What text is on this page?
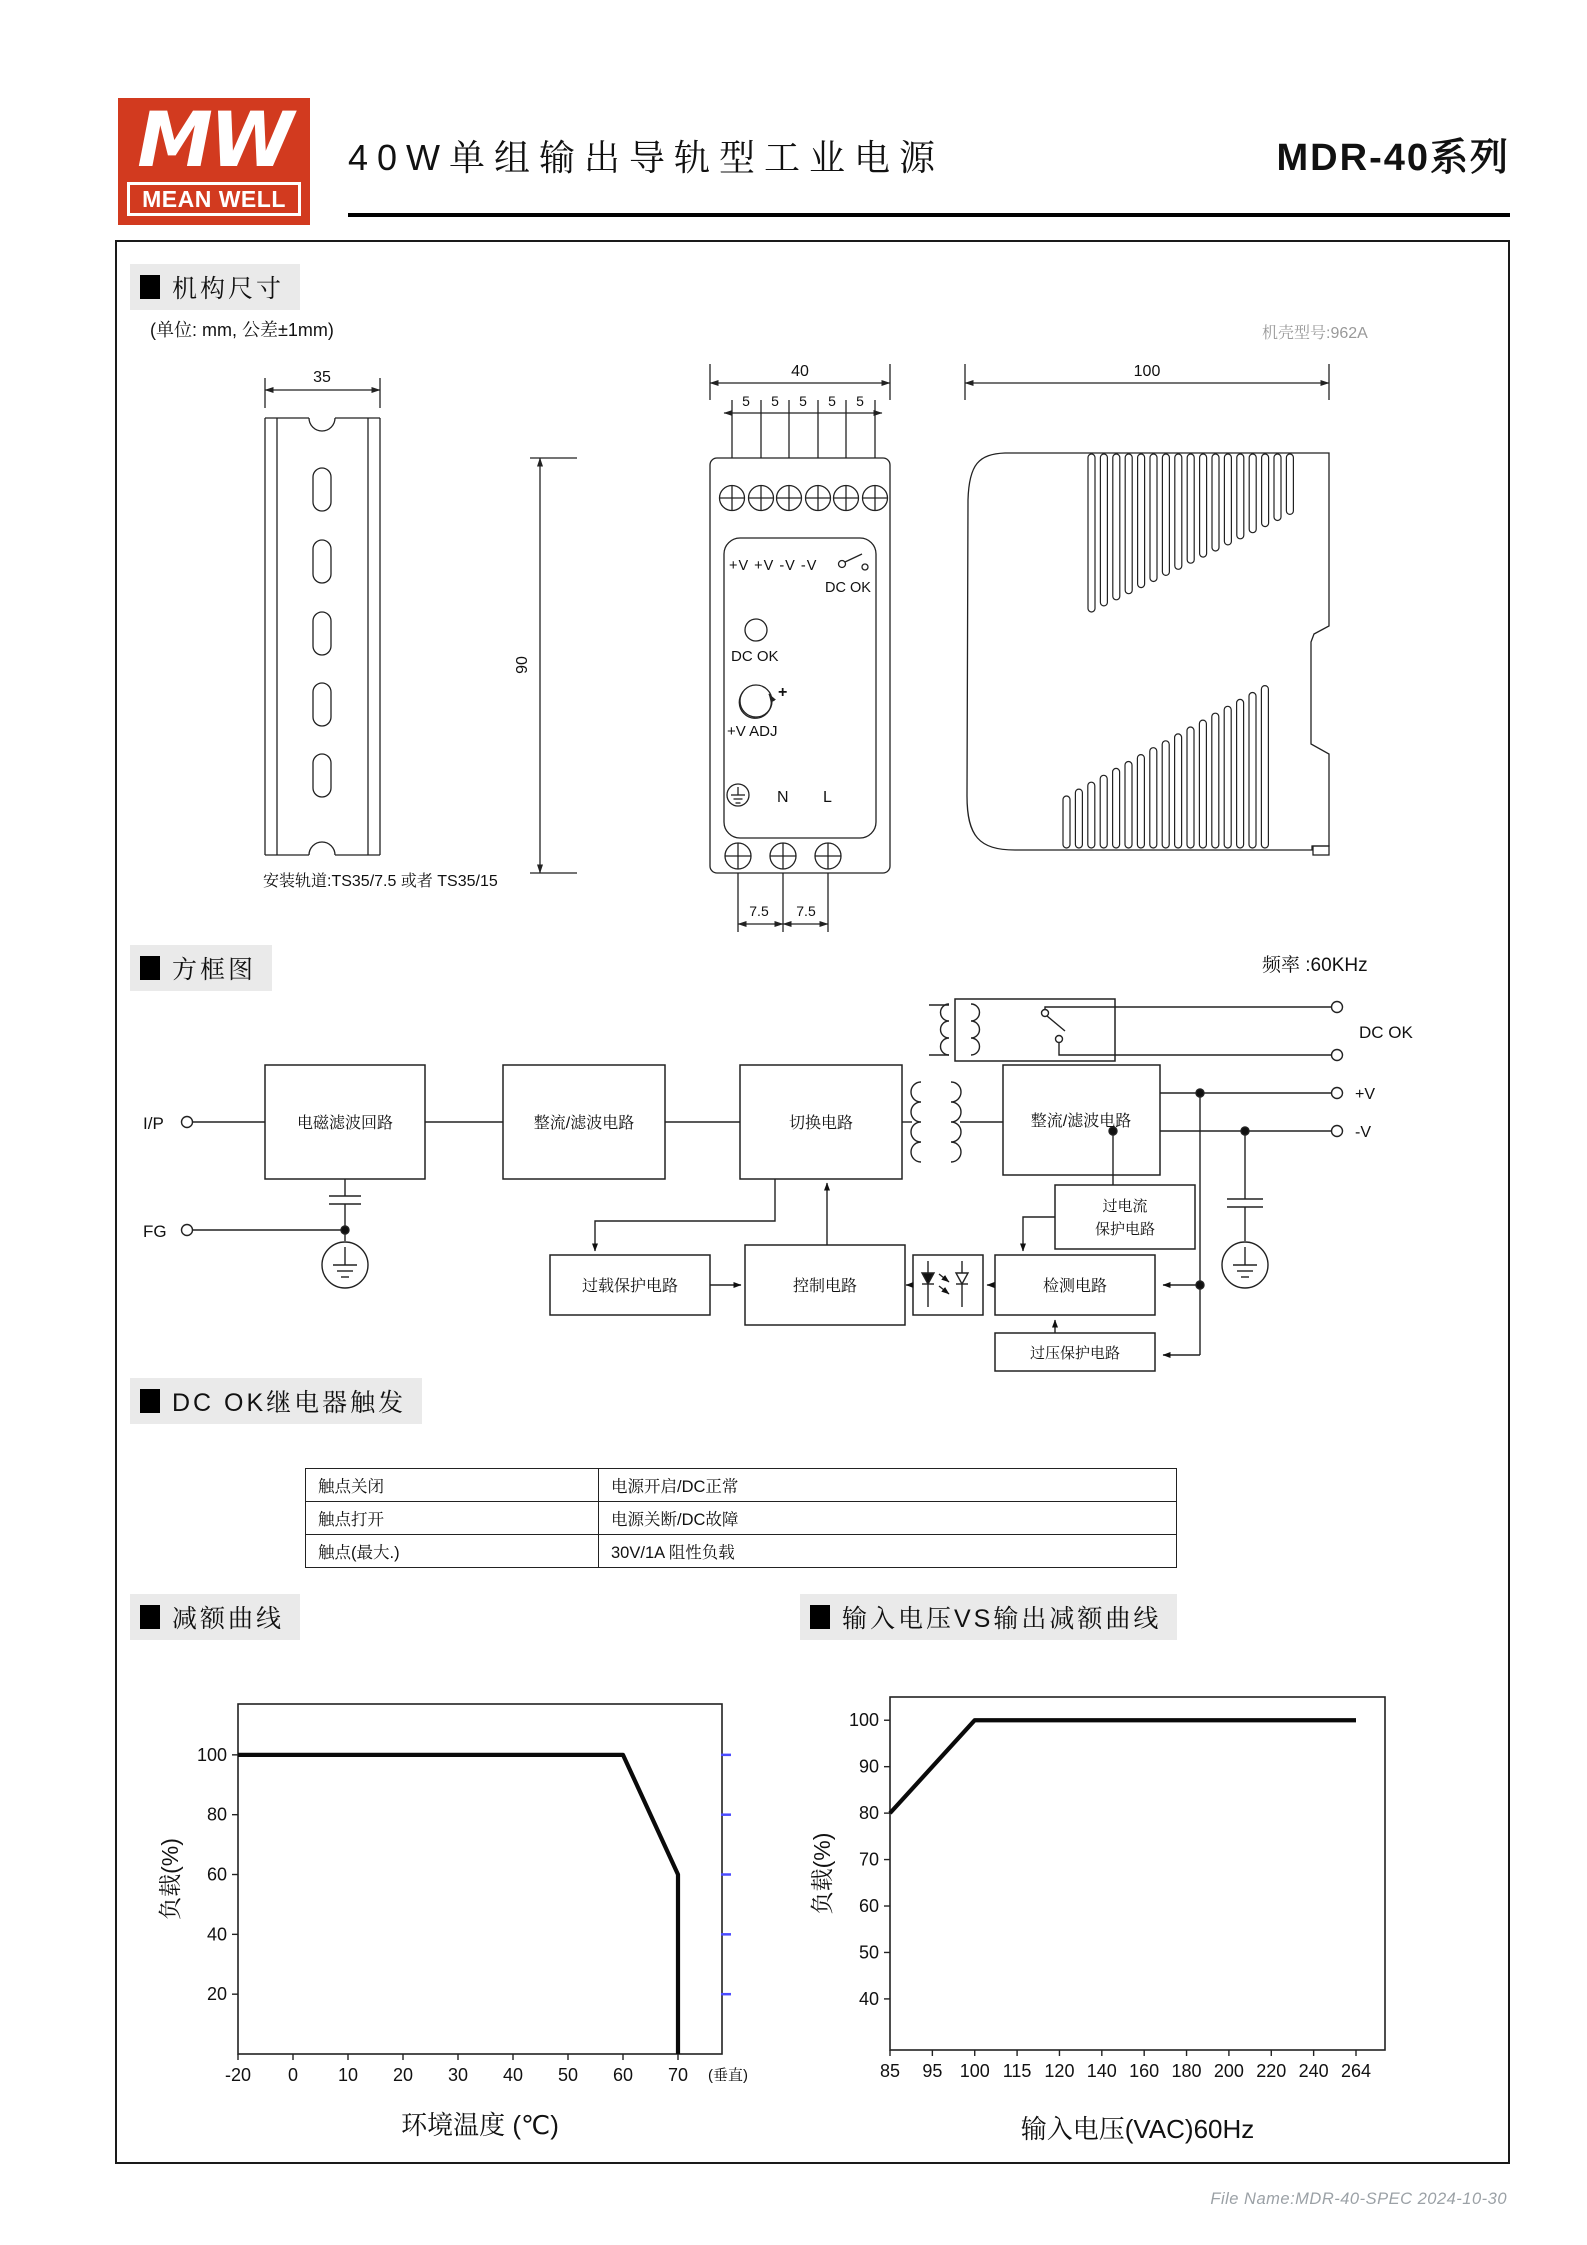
MW
MEAN WELL
40W单组输出导轨型工业电源	MDR-40系列
机构尺寸
(单位: mm, 公差±1mm)	机壳型号:962A
35
安装轨道:TS35/7.5 或者 TS35/15
40
5 5 5 5 5
90
+V +V -V -V
DC OK
DC OK
+
+V ADJ
N L
7.5 7.5
100
方框图	频率 :60KHz
I/P
FG
电磁滤波回路	整流/滤波电路	切换电路	整流/滤波电路
过电流
保护电路
检测电路
过压保护电路
过载保护电路	控制电路
DC OK
+V
-V
DC OK继电器触发
触点关闭	电源开启/DC正常
触点打开	电源关断/DC故障
触点(最大.)	30V/1A 阻性负载
减额曲线	输入电压VS输出减额曲线
-20 0 10 20 30 40 50 60 70 (垂直)
20
40
60
80
100
环境温度 (℃)
负载(%)
85 95 100 115 120 140 160 180 200 220 240 264
40
50
60
70
80
90
100
输入电压(VAC)60Hz
负载(%)
File Name:MDR-40-SPEC 2024-10-30
